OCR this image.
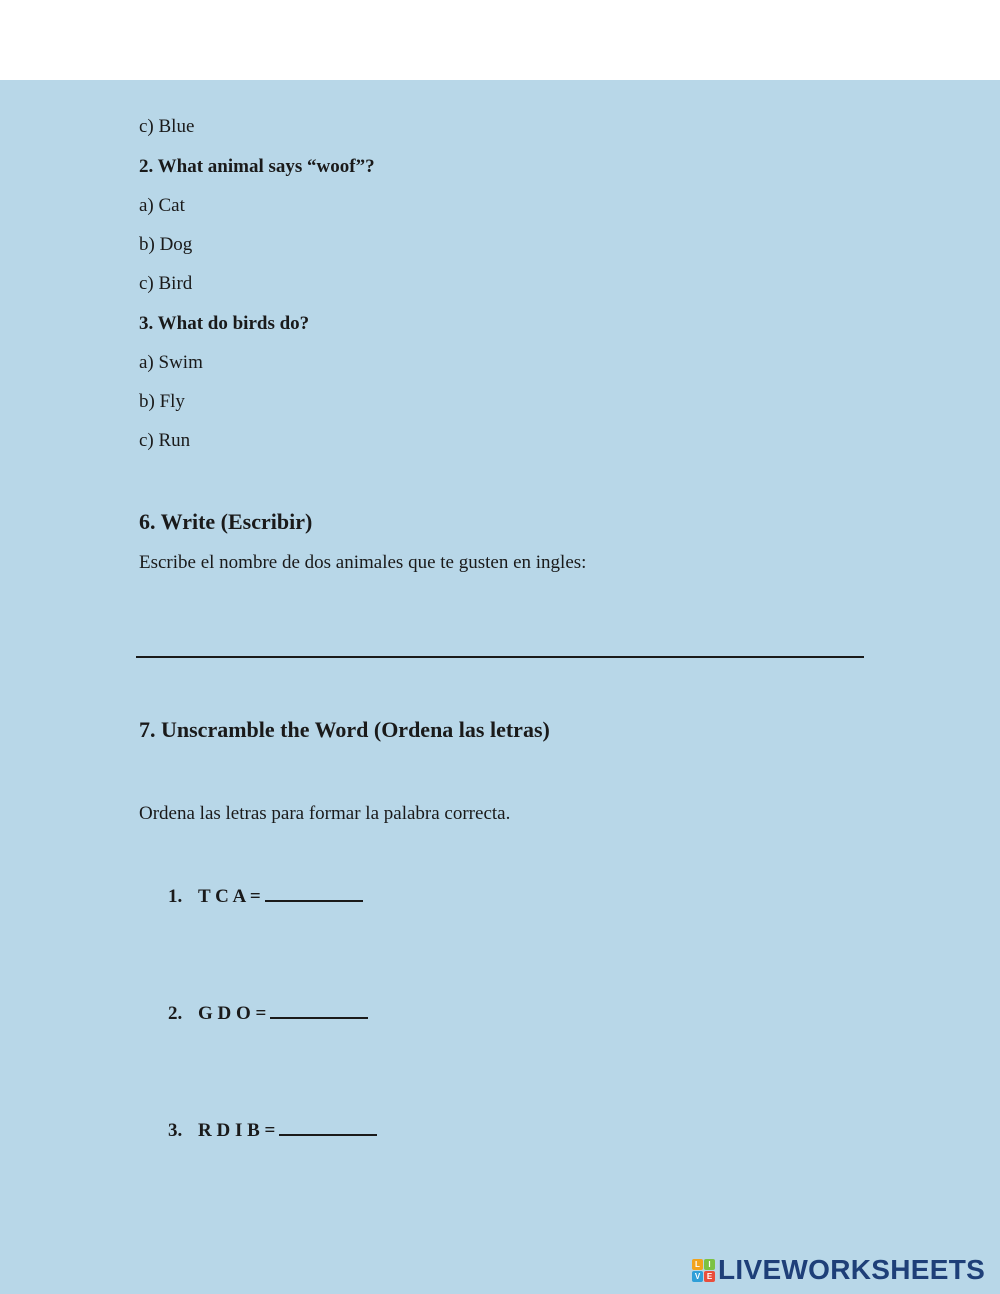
c) Blue
2. What animal says “woof”?
a) Cat
b) Dog
c) Bird
3. What do birds do?
a) Swim
b) Fly
c) Run
6. Write (Escribir)
Escribe el nombre de dos animales que te gusten en ingles:
7. Unscramble the Word (Ordena las letras)
Ordena las letras para formar la palabra correcta.
1. T C A =
2. G D O =
3. R D I B =
L	I
V E LIVEWORKSHEETS
